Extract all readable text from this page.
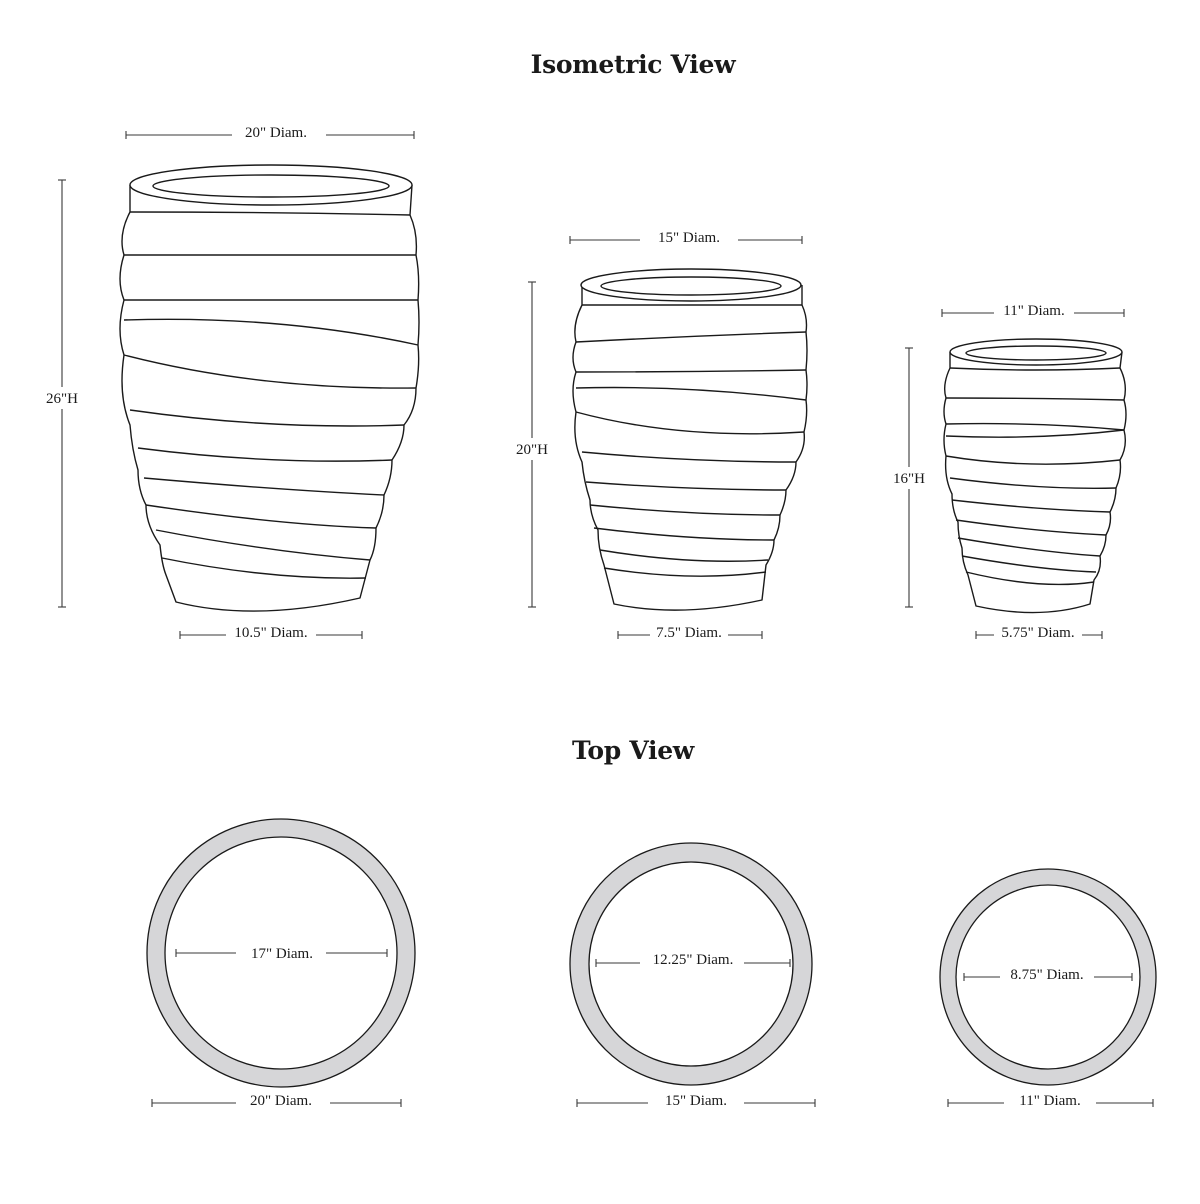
Isometric View
Top View
20" Diam.
26"H
10.5" Diam.
15" Diam.
20"H
7.5" Diam.
11" Diam.
16"H
5.75" Diam.
17" Diam.
20" Diam.
12.25" Diam.
15" Diam.
8.75" Diam.
11" Diam.
